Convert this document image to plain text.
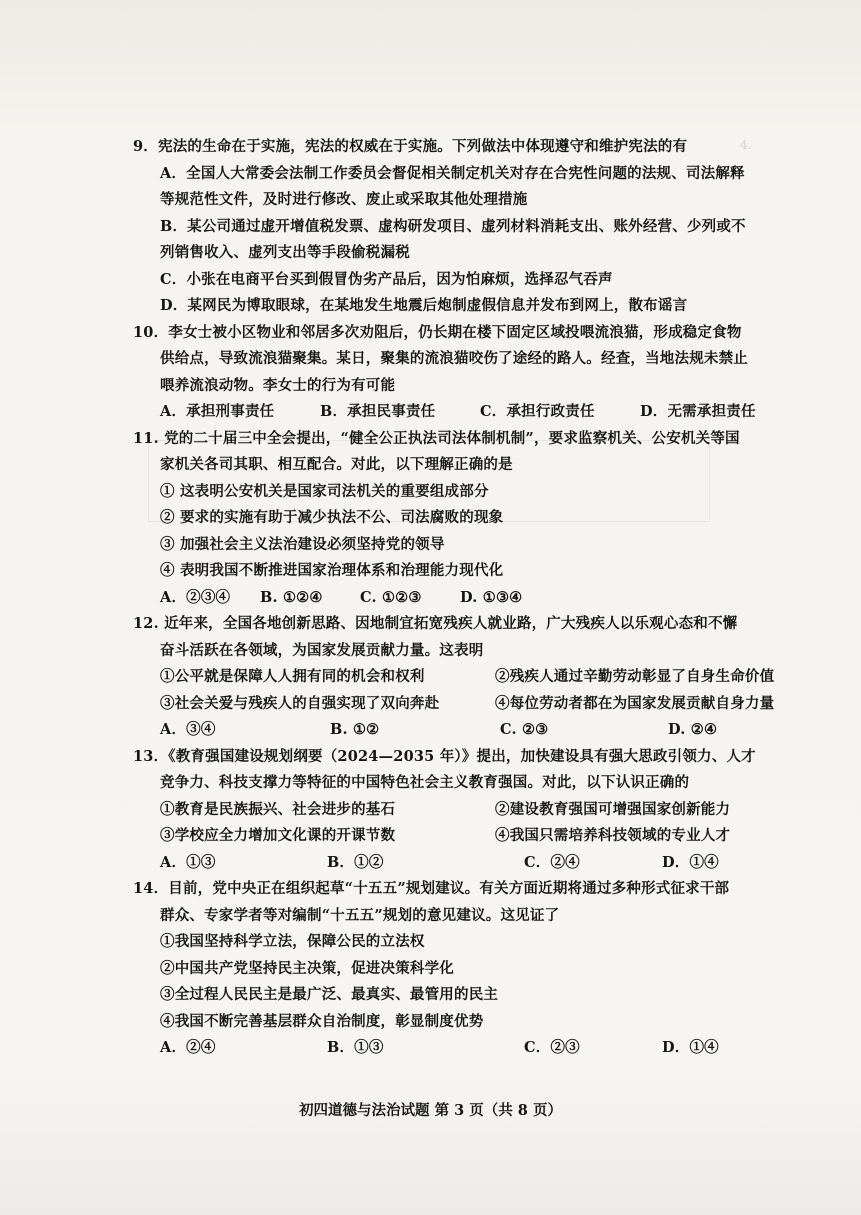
4.
9．宪法的生命在于实施，宪法的权威在于实施。下列做法中体现遵守和维护宪法的有
A．全国人大常委会法制工作委员会督促相关制定机关对存在合宪性问题的法规、司法解释
等规范性文件，及时进行修改、废止或采取其他处理措施
B．某公司通过虚开增值税发票、虚构研发项目、虚列材料消耗支出、账外经营、少列或不
列销售收入、虚列支出等手段偷税漏税
C．小张在电商平台买到假冒伪劣产品后，因为怕麻烦，选择忍气吞声
D．某网民为博取眼球，在某地发生地震后炮制虚假信息并发布到网上，散布谣言
10．李女士被小区物业和邻居多次劝阻后，仍长期在楼下固定区域投喂流浪猫，形成稳定食物
供给点，导致流浪猫聚集。某日，聚集的流浪猫咬伤了途经的路人。经查，当地法规未禁止
喂养流浪动物。李女士的行为有可能
A．承担刑事责任	B．承担民事责任	C．承担行政责任	D．无需承担责任
11. 党的二十届三中全会提出，“健全公正执法司法体制机制”，要求监察机关、公安机关等国
家机关各司其职、相互配合。对此，以下理解正确的是
① 这表明公安机关是国家司法机关的重要组成部分
② 要求的实施有助于减少执法不公、司法腐败的现象
③ 加强社会主义法治建设必须坚持党的领导
④ 表明我国不断推进国家治理体系和治理能力现代化
A．②③④	B. ①②④	C. ①②③	D. ①③④
12. 近年来，全国各地创新思路、因地制宜拓宽残疾人就业路，广大残疾人以乐观心态和不懈
奋斗活跃在各领域，为国家发展贡献力量。这表明
①公平就是保障人人拥有同的机会和权利	②残疾人通过辛勤劳动彰显了自身生命价值
③社会关爱与残疾人的自强实现了双向奔赴	④每位劳动者都在为国家发展贡献自身力量
A．③④	B. ①②	C. ②③	D. ②④
13．《教育强国建设规划纲要（2024—2035 年）》提出，加快建设具有强大思政引领力、人才
竞争力、科技支撑力等特征的中国特色社会主义教育强国。对此，以下认识正确的
①教育是民族振兴、社会进步的基石	②建设教育强国可增强国家创新能力
③学校应全力增加文化课的开课节数	④我国只需培养科技领域的专业人才
A．①③	B．①②	C．②④	D．①④
14．目前，党中央正在组织起草“十五五”规划建议。有关方面近期将通过多种形式征求干部
群众、专家学者等对编制“十五五”规划的意见建议。这见证了
①我国坚持科学立法，保障公民的立法权
②中国共产党坚持民主决策，促进决策科学化
③全过程人民民主是最广泛、最真实、最管用的民主
④我国不断完善基层群众自治制度，彰显制度优势
A．②④	B．①③	C．②③	D．①④
初四道德与法治试题 第 3 页（共 8 页）
